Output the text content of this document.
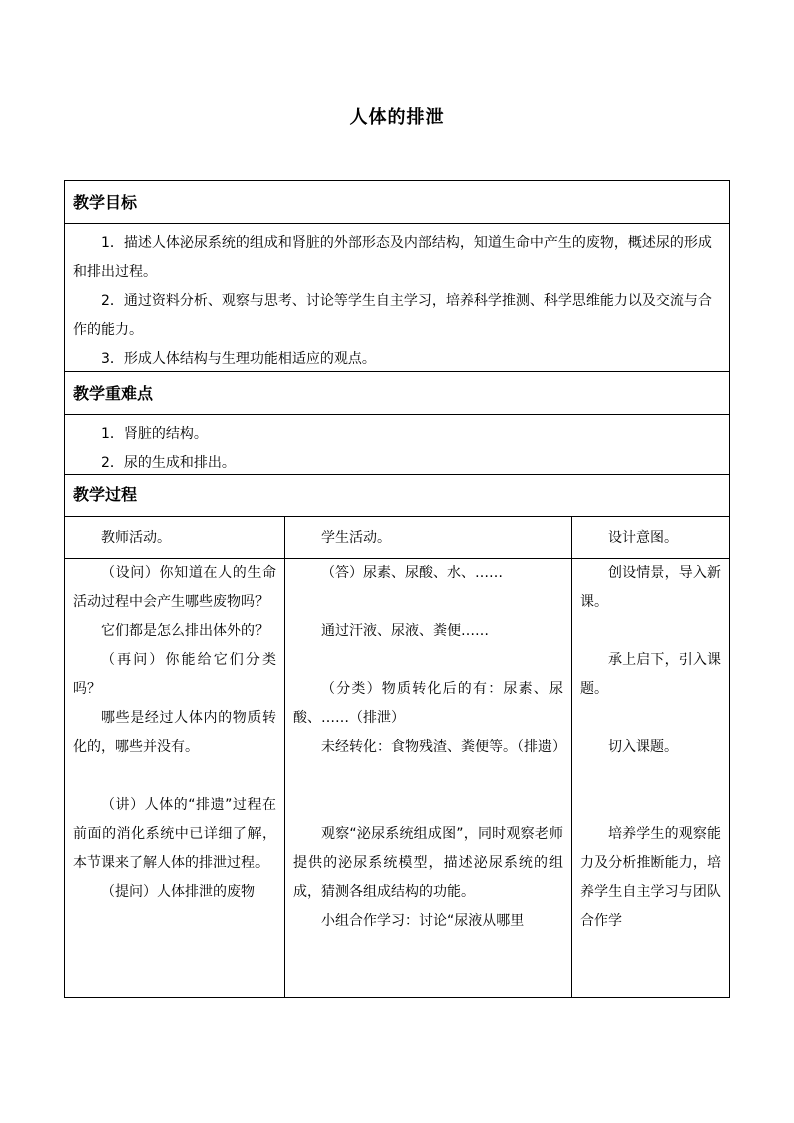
人体的排泄
教学目标

1．描述人体泌尿系统的组成和肾脏的外部形态及内部结构，知道生命中产生的废物，概述尿的形成和排出过程。

2．通过资料分析、观察与思考、讨论等学生自主学习，培养科学推测、科学思维能力以及交流与合作的能力。

3．形成人体结构与生理功能相适应的观点。

教学重难点

1．肾脏的结构。

2．尿的生成和排出。

教学过程
教师活动。	学生活动。	设计意图。

（设问）你知道在人的生命活动过程中会产生哪些废物吗？

它们都是怎么排出体外的？

（再问）你能给它们分类吗？

哪些是经过人体内的物质转化的，哪些并没有。

（讲）人体的“排遗”过程在前面的消化系统中已详细了解，本节课来了解人体的排泄过程。

（提问）人体排泄的废物

（答）尿素、尿酸、水、……

通过汗液、尿液、粪便……

（分类）物质转化后的有：尿素、尿酸、……（排泄）

未经转化：食物残渣、粪便等。（排遗）

观察“泌尿系统组成图”，同时观察老师提供的泌尿系统模型，描述泌尿系统的组成，猜测各组成结构的功能。

小组合作学习：讨论“尿液从哪里

创设情景，导入新课。

承上启下，引入课题。

切入课题。

培养学生的观察能力及分析推断能力，培养学生自主学习与团队合作学
